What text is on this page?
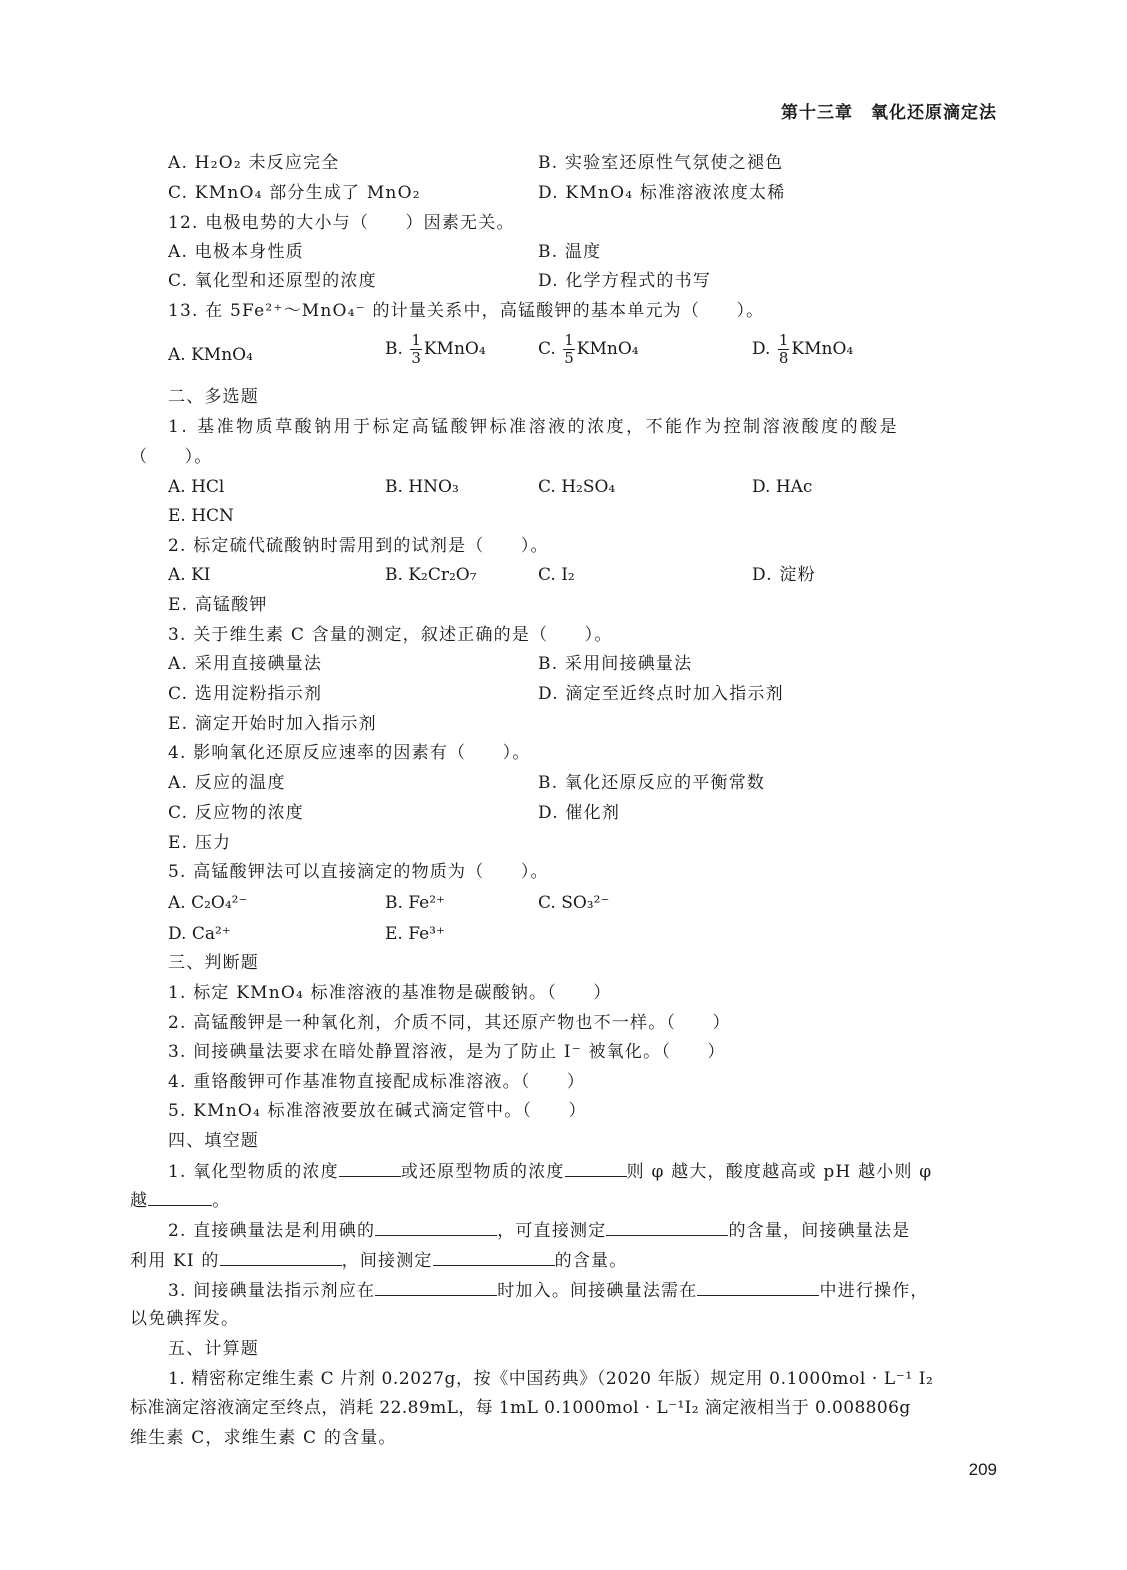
第十三章　氧化还原滴定法
A. H₂O₂ 未反应完全	B. 实验室还原性气氛使之褪色
C. KMnO₄ 部分生成了 MnO₂	D. KMnO₄ 标准溶液浓度太稀
12. 电极电势的大小与（　　）因素无关。
A. 电极本身性质	B. 温度
C. 氧化型和还原型的浓度	D. 化学方程式的书写
13. 在 5Fe²⁺～MnO₄⁻ 的计量关系中，高锰酸钾的基本单元为（　　）。
A. KMnO₄	B. $\frac{1}{3}$ KMnO₄	C. $\frac{1}{5}$ KMnO₄	D. $\frac{1}{8}$ KMnO₄
二、多选题
1. 基准物质草酸钠用于标定高锰酸钾标准溶液的浓度，不能作为控制溶液酸度的酸是
（　　）。
A. HCl	B. HNO₃	C. H₂SO₄	D. HAc
E. HCN
2. 标定硫代硫酸钠时需用到的试剂是（　　）。
A. KI	B. K₂Cr₂O₇	C. I₂	D. 淀粉
E. 高锰酸钾
3. 关于维生素 C 含量的测定，叙述正确的是（　　）。
A. 采用直接碘量法	B. 采用间接碘量法
C. 选用淀粉指示剂	D. 滴定至近终点时加入指示剂
E. 滴定开始时加入指示剂
4. 影响氧化还原反应速率的因素有（　　）。
A. 反应的温度	B. 氧化还原反应的平衡常数
C. 反应物的浓度	D. 催化剂
E. 压力
5. 高锰酸钾法可以直接滴定的物质为（　　）。
A. C₂O₄²⁻	B. Fe²⁺	C. SO₃²⁻
D. Ca²⁺	E. Fe³⁺
三、判断题
1. 标定 KMnO₄ 标准溶液的基准物是碳酸钠。（　　）
2. 高锰酸钾是一种氧化剂，介质不同，其还原产物也不一样。（　　）
3. 间接碘量法要求在暗处静置溶液，是为了防止 I⁻ 被氧化。（　　）
4. 重铬酸钾可作基准物直接配成标准溶液。（　　）
5. KMnO₄ 标准溶液要放在碱式滴定管中。（　　）
四、填空题
1. 氧化型物质的浓度	或还原型物质的浓度	则 φ 越大，酸度越高或 pH 越小则 φ
越	。
2. 直接碘量法是利用碘的	，可直接测定	的含量，间接碘量法是
利用 KI 的	，间接测定	的含量。
3. 间接碘量法指示剂应在	时加入。间接碘量法需在	中进行操作，
以免碘挥发。
五、计算题
1. 精密称定维生素 C 片剂 0.2027g，按《中国药典》（2020 年版）规定用 0.1000mol · L⁻¹ I₂
标准滴定溶液滴定至终点，消耗 22.89mL，每 1mL 0.1000mol · L⁻¹I₂ 滴定液相当于 0.008806g
维生素 C，求维生素 C 的含量。
209
